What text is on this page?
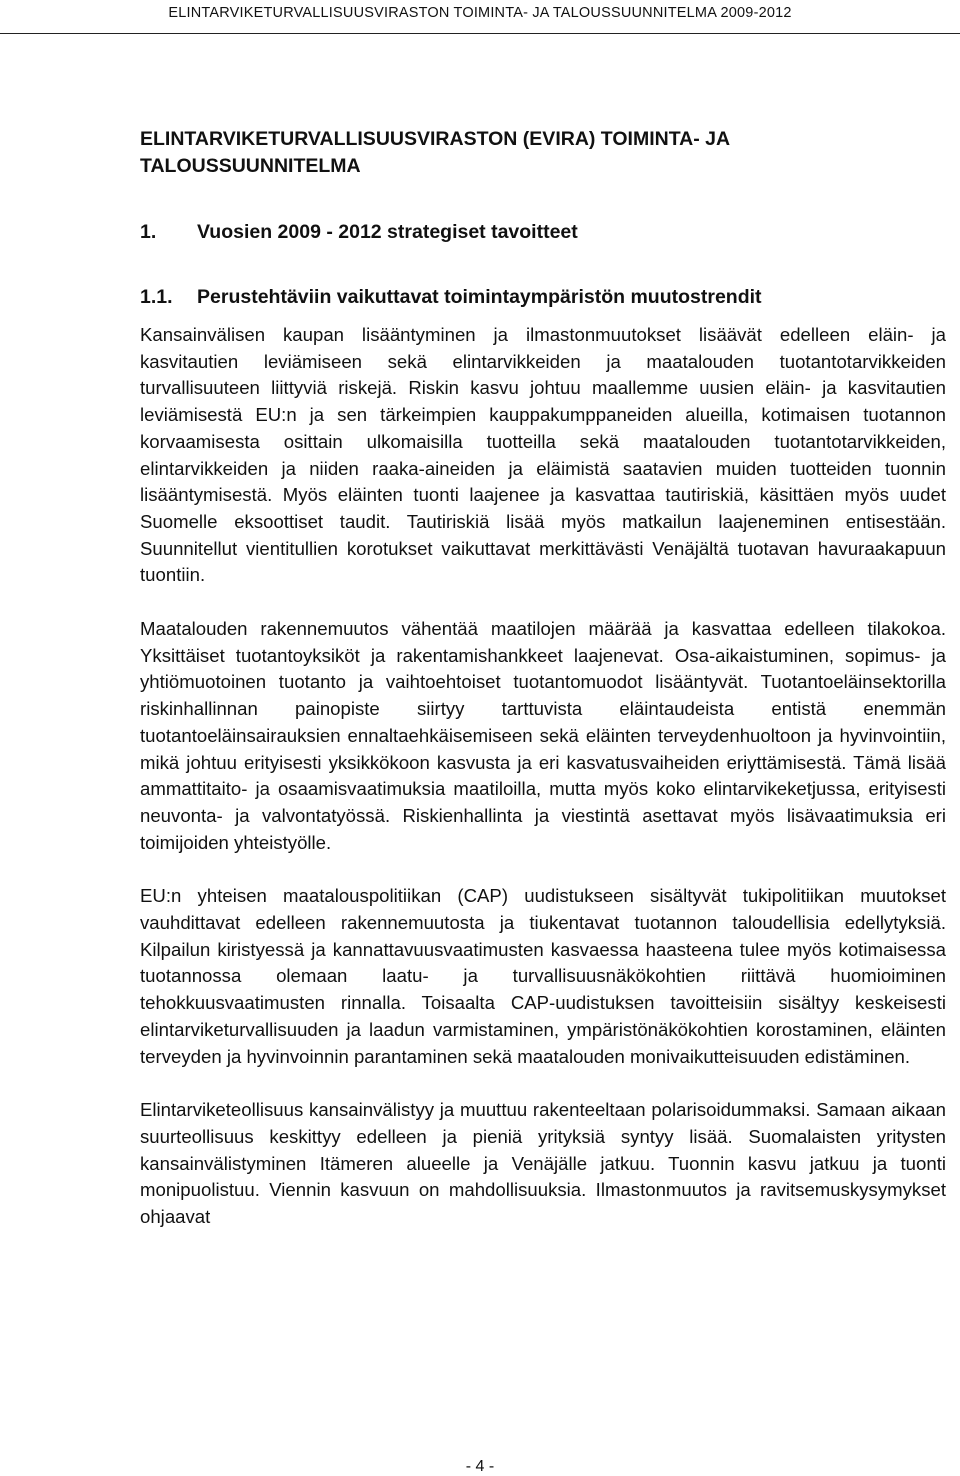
ELINTARVIKETURVALLISUUSVIRASTON TOIMINTA- JA TALOUSSUUNNITELMA 2009-2012
ELINTARVIKETURVALLISUUSVIRASTON (EVIRA) TOIMINTA- JA TALOUSSUUNNITELMA
1. Vuosien 2009 - 2012 strategiset tavoitteet
1.1. Perustehtäviin vaikuttavat toimintaympäristön muutostrendit

Kansainvälisen kaupan lisääntyminen ja ilmastonmuutokset lisäävät edelleen eläin- ja kasvitautien leviämiseen sekä elintarvikkeiden ja maatalouden tuotantotarvikkeiden turvallisuuteen liittyviä riskejä. Riskin kasvu johtuu maallemme uusien eläin- ja kasvitautien leviämisestä EU:n ja sen tärkeimpien kauppakumppaneiden alueilla, kotimaisen tuotannon korvaamisesta osittain ulkomaisilla tuotteilla sekä maatalouden tuotantotarvikkeiden, elintarvikkeiden ja niiden raaka-aineiden ja eläimistä saatavien muiden tuotteiden tuonnin lisääntymisestä. Myös eläinten tuonti laajenee ja kasvattaa tautiriskiä, käsittäen myös uudet Suomelle eksoottiset taudit. Tautiriskiä lisää myös matkailun laajeneminen entisestään. Suunnitellut vientitullien korotukset vaikuttavat merkittävästi Venäjältä tuotavan havuraakapuun tuontiin.

Maatalouden rakennemuutos vähentää maatilojen määrää ja kasvattaa edelleen tilakokoa. Yksittäiset tuotantoyksiköt ja rakentamishankkeet laajenevat. Osa-aikaistuminen, sopimus- ja yhtiömuotoinen tuotanto ja vaihtoehtoiset tuotantomuodot lisääntyvät. Tuotantoeläinsektorilla riskinhallinnan painopiste siirtyy tarttuvista eläintaudeista entistä enemmän tuotantoeläinsairauksien ennaltaehkäisemiseen sekä eläinten terveydenhuoltoon ja hyvinvointiin, mikä johtuu erityisesti yksikkökoon kasvusta ja eri kasvatusvaiheiden eriyttämisestä. Tämä lisää ammattitaito- ja osaamisvaatimuksia maatiloilla, mutta myös koko elintarvikeketjussa, erityisesti neuvonta- ja valvontatyössä. Riskienhallinta ja viestintä asettavat myös lisävaatimuksia eri toimijoiden yhteistyölle.

EU:n yhteisen maatalouspolitiikan (CAP) uudistukseen sisältyvät tukipolitiikan muutokset vauhdittavat edelleen rakennemuutosta ja tiukentavat tuotannon taloudellisia edellytyksiä. Kilpailun kiristyessä ja kannattavuusvaatimusten kasvaessa haasteena tulee myös kotimaisessa tuotannossa olemaan laatu- ja turvallisuusnäkökohtien riittävä huomioiminen tehokkuusvaatimusten rinnalla. Toisaalta CAP-uudistuksen tavoitteisiin sisältyy keskeisesti elintarviketurvallisuuden ja laadun varmistaminen, ympäristönäkökohtien korostaminen, eläinten terveyden ja hyvinvoinnin parantaminen sekä maatalouden monivaikutteisuuden edistäminen.

Elintarviketeollisuus kansainvälistyy ja muuttuu rakenteeltaan polarisoidummaksi. Samaan aikaan suurteollisuus keskittyy edelleen ja pieniä yrityksiä syntyy lisää. Suomalaisten yritysten kansainvälistyminen Itämeren alueelle ja Venäjälle jatkuu. Tuonnin kasvu jatkuu ja tuonti monipuolistuu. Viennin kasvuun on mahdollisuuksia. Ilmastonmuutos ja ravitsemuskysymykset ohjaavat

- 4 -
